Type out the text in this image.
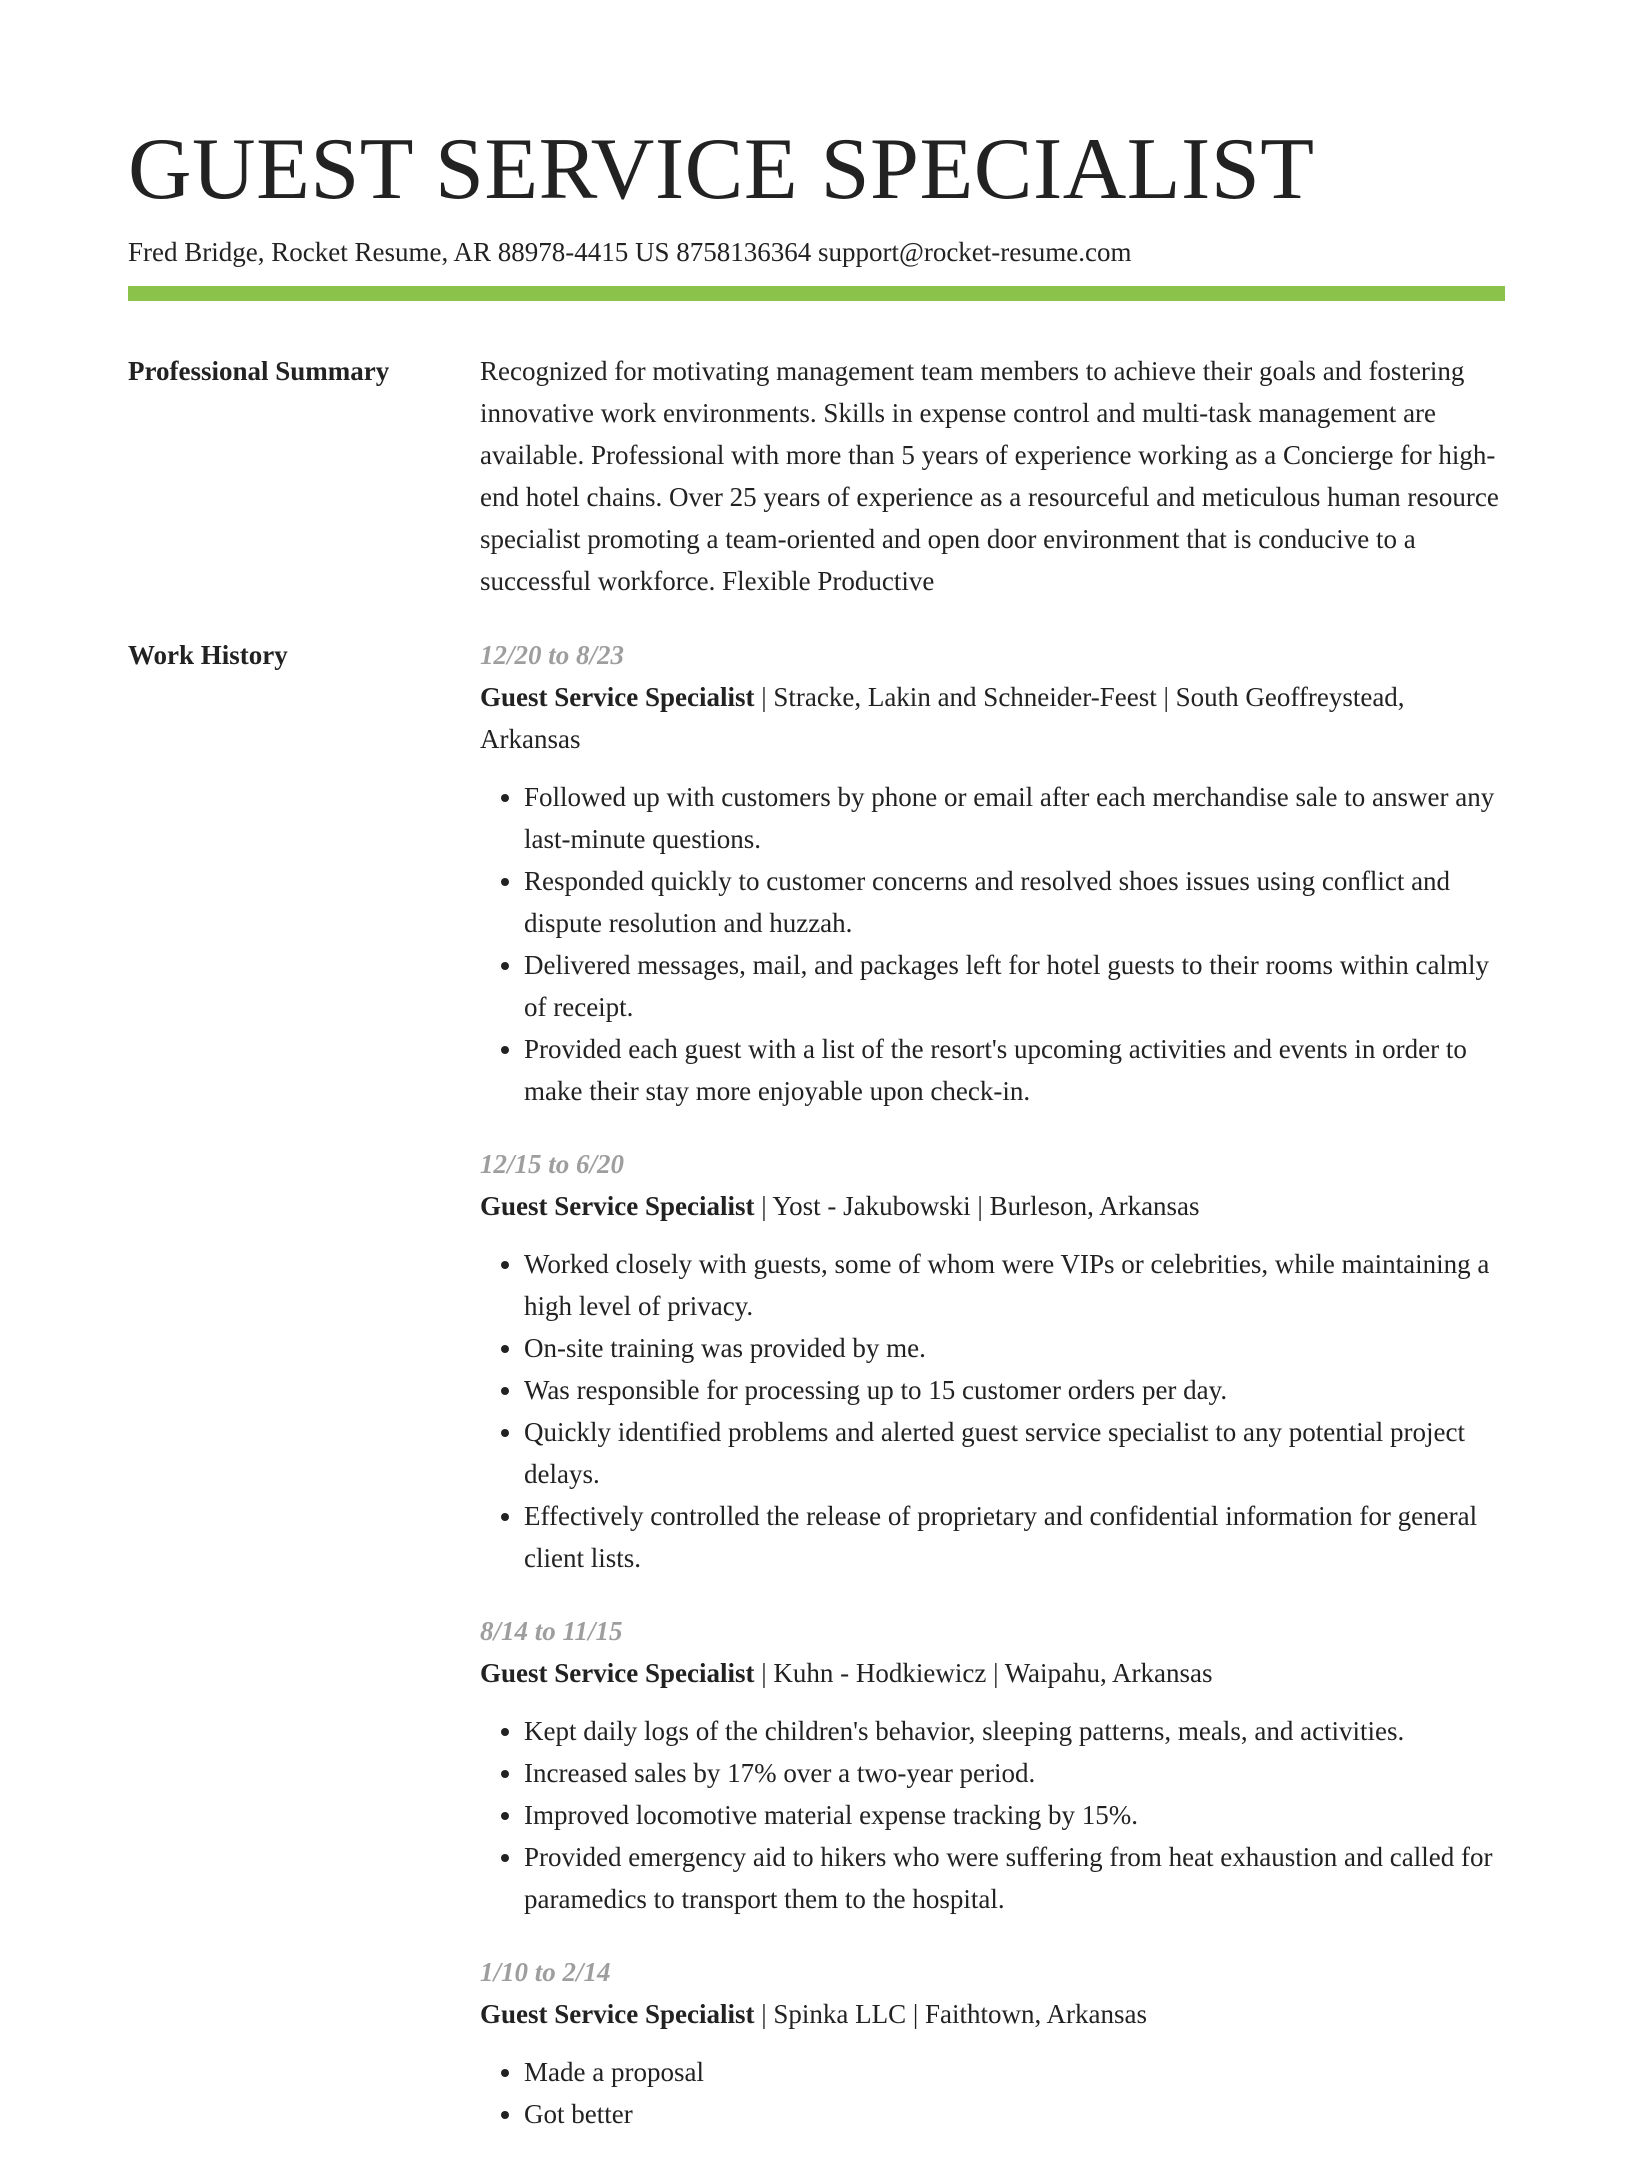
GUEST SERVICE SPECIALIST
Fred Bridge, Rocket Resume, AR 88978-4415 US 8758136364 support@rocket-resume.com
Professional Summary	Recognized for motivating management team members to achieve their goals and fostering innovative work environments. Skills in expense control and multi-task management are available. Professional with more than 5 years of experience working as a Concierge for high-end hotel chains. Over 25 years of experience as a resourceful and meticulous human resource specialist promoting a team-oriented and open door environment that is conducive to a successful workforce. Flexible Productive

Work History	12/20 to 8/23
Guest Service Specialist | Stracke, Lakin and Schneider-Feest | South Geoffreystead, Arkansas
• Followed up with customers by phone or email after each merchandise sale to answer any last-minute questions.
• Responded quickly to customer concerns and resolved shoes issues using conflict and dispute resolution and huzzah.
• Delivered messages, mail, and packages left for hotel guests to their rooms within calmly of receipt.
• Provided each guest with a list of the resort's upcoming activities and events in order to make their stay more enjoyable upon check-in.
12/15 to 6/20
Guest Service Specialist | Yost - Jakubowski | Burleson, Arkansas
• Worked closely with guests, some of whom were VIPs or celebrities, while maintaining a high level of privacy.
• On-site training was provided by me.
• Was responsible for processing up to 15 customer orders per day.
• Quickly identified problems and alerted guest service specialist to any potential project delays.
• Effectively controlled the release of proprietary and confidential information for general client lists.
8/14 to 11/15
Guest Service Specialist | Kuhn - Hodkiewicz | Waipahu, Arkansas
• Kept daily logs of the children's behavior, sleeping patterns, meals, and activities.
• Increased sales by 17% over a two-year period.
• Improved locomotive material expense tracking by 15%.
• Provided emergency aid to hikers who were suffering from heat exhaustion and called for paramedics to transport them to the hospital.
1/10 to 2/14
Guest Service Specialist | Spinka LLC | Faithtown, Arkansas
• Made a proposal
• Got better
